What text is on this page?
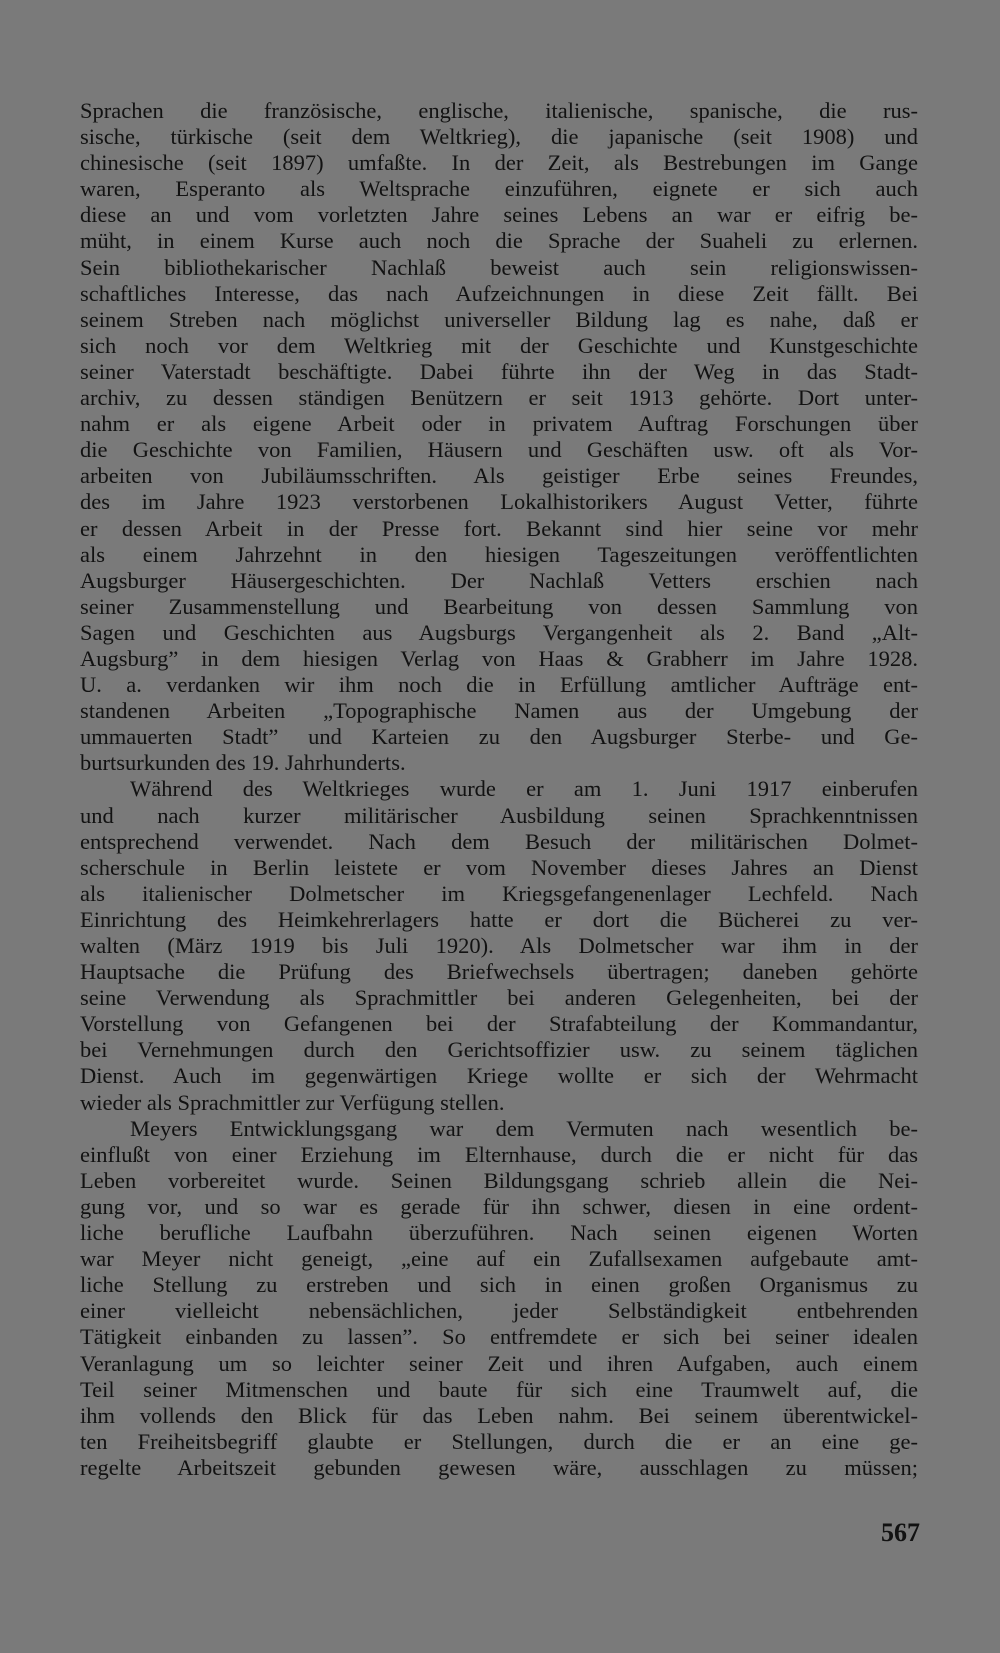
Sprachen die französische, englische, italienische, spanische, die rus-
sische, türkische (seit dem Weltkrieg), die japanische (seit 1908) und
chinesische (seit 1897) umfaßte. In der Zeit, als Bestrebungen im Gange
waren, Esperanto als Weltsprache einzuführen, eignete er sich auch
diese an und vom vorletzten Jahre seines Lebens an war er eifrig be-
müht, in einem Kurse auch noch die Sprache der Suaheli zu erlernen.
Sein bibliothekarischer Nachlaß beweist auch sein religionswissen-
schaftliches Interesse, das nach Aufzeichnungen in diese Zeit fällt. Bei
seinem Streben nach möglichst universeller Bildung lag es nahe, daß er
sich noch vor dem Weltkrieg mit der Geschichte und Kunstgeschichte
seiner Vaterstadt beschäftigte. Dabei führte ihn der Weg in das Stadt-
archiv, zu dessen ständigen Benützern er seit 1913 gehörte. Dort unter-
nahm er als eigene Arbeit oder in privatem Auftrag Forschungen über
die Geschichte von Familien, Häusern und Geschäften usw. oft als Vor-
arbeiten von Jubiläumsschriften. Als geistiger Erbe seines Freundes,
des im Jahre 1923 verstorbenen Lokalhistorikers August Vetter, führte
er dessen Arbeit in der Presse fort. Bekannt sind hier seine vor mehr
als einem Jahrzehnt in den hiesigen Tageszeitungen veröffentlichten
Augsburger Häusergeschichten. Der Nachlaß Vetters erschien nach
seiner Zusammenstellung und Bearbeitung von dessen Sammlung von
Sagen und Geschichten aus Augsburgs Vergangenheit als 2. Band „Alt-
Augsburg” in dem hiesigen Verlag von Haas & Grabherr im Jahre 1928.
U. a. verdanken wir ihm noch die in Erfüllung amtlicher Aufträge ent-
standenen Arbeiten „Topographische Namen aus der Umgebung der
ummauerten Stadt” und Karteien zu den Augsburger Sterbe- und Ge-
burtsurkunden des 19. Jahrhunderts.
Während des Weltkrieges wurde er am 1. Juni 1917 einberufen
und nach kurzer militärischer Ausbildung seinen Sprachkenntnissen
entsprechend verwendet. Nach dem Besuch der militärischen Dolmet-
scherschule in Berlin leistete er vom November dieses Jahres an Dienst
als italienischer Dolmetscher im Kriegsgefangenenlager Lechfeld. Nach
Einrichtung des Heimkehrerlagers hatte er dort die Bücherei zu ver-
walten (März 1919 bis Juli 1920). Als Dolmetscher war ihm in der
Hauptsache die Prüfung des Briefwechsels übertragen; daneben gehörte
seine Verwendung als Sprachmittler bei anderen Gelegenheiten, bei der
Vorstellung von Gefangenen bei der Strafabteilung der Kommandantur,
bei Vernehmungen durch den Gerichtsoffizier usw. zu seinem täglichen
Dienst. Auch im gegenwärtigen Kriege wollte er sich der Wehrmacht
wieder als Sprachmittler zur Verfügung stellen.
Meyers Entwicklungsgang war dem Vermuten nach wesentlich be-
einflußt von einer Erziehung im Elternhause, durch die er nicht für das
Leben vorbereitet wurde. Seinen Bildungsgang schrieb allein die Nei-
gung vor, und so war es gerade für ihn schwer, diesen in eine ordent-
liche berufliche Laufbahn überzuführen. Nach seinen eigenen Worten
war Meyer nicht geneigt, „eine auf ein Zufallsexamen aufgebaute amt-
liche Stellung zu erstreben und sich in einen großen Organismus zu
einer vielleicht nebensächlichen, jeder Selbständigkeit entbehrenden
Tätigkeit einbanden zu lassen”. So entfremdete er sich bei seiner idealen
Veranlagung um so leichter seiner Zeit und ihren Aufgaben, auch einem
Teil seiner Mitmenschen und baute für sich eine Traumwelt auf, die
ihm vollends den Blick für das Leben nahm. Bei seinem überentwickel-
ten Freiheitsbegriff glaubte er Stellungen, durch die er an eine ge-
regelte Arbeitszeit gebunden gewesen wäre, ausschlagen zu müssen;
567
